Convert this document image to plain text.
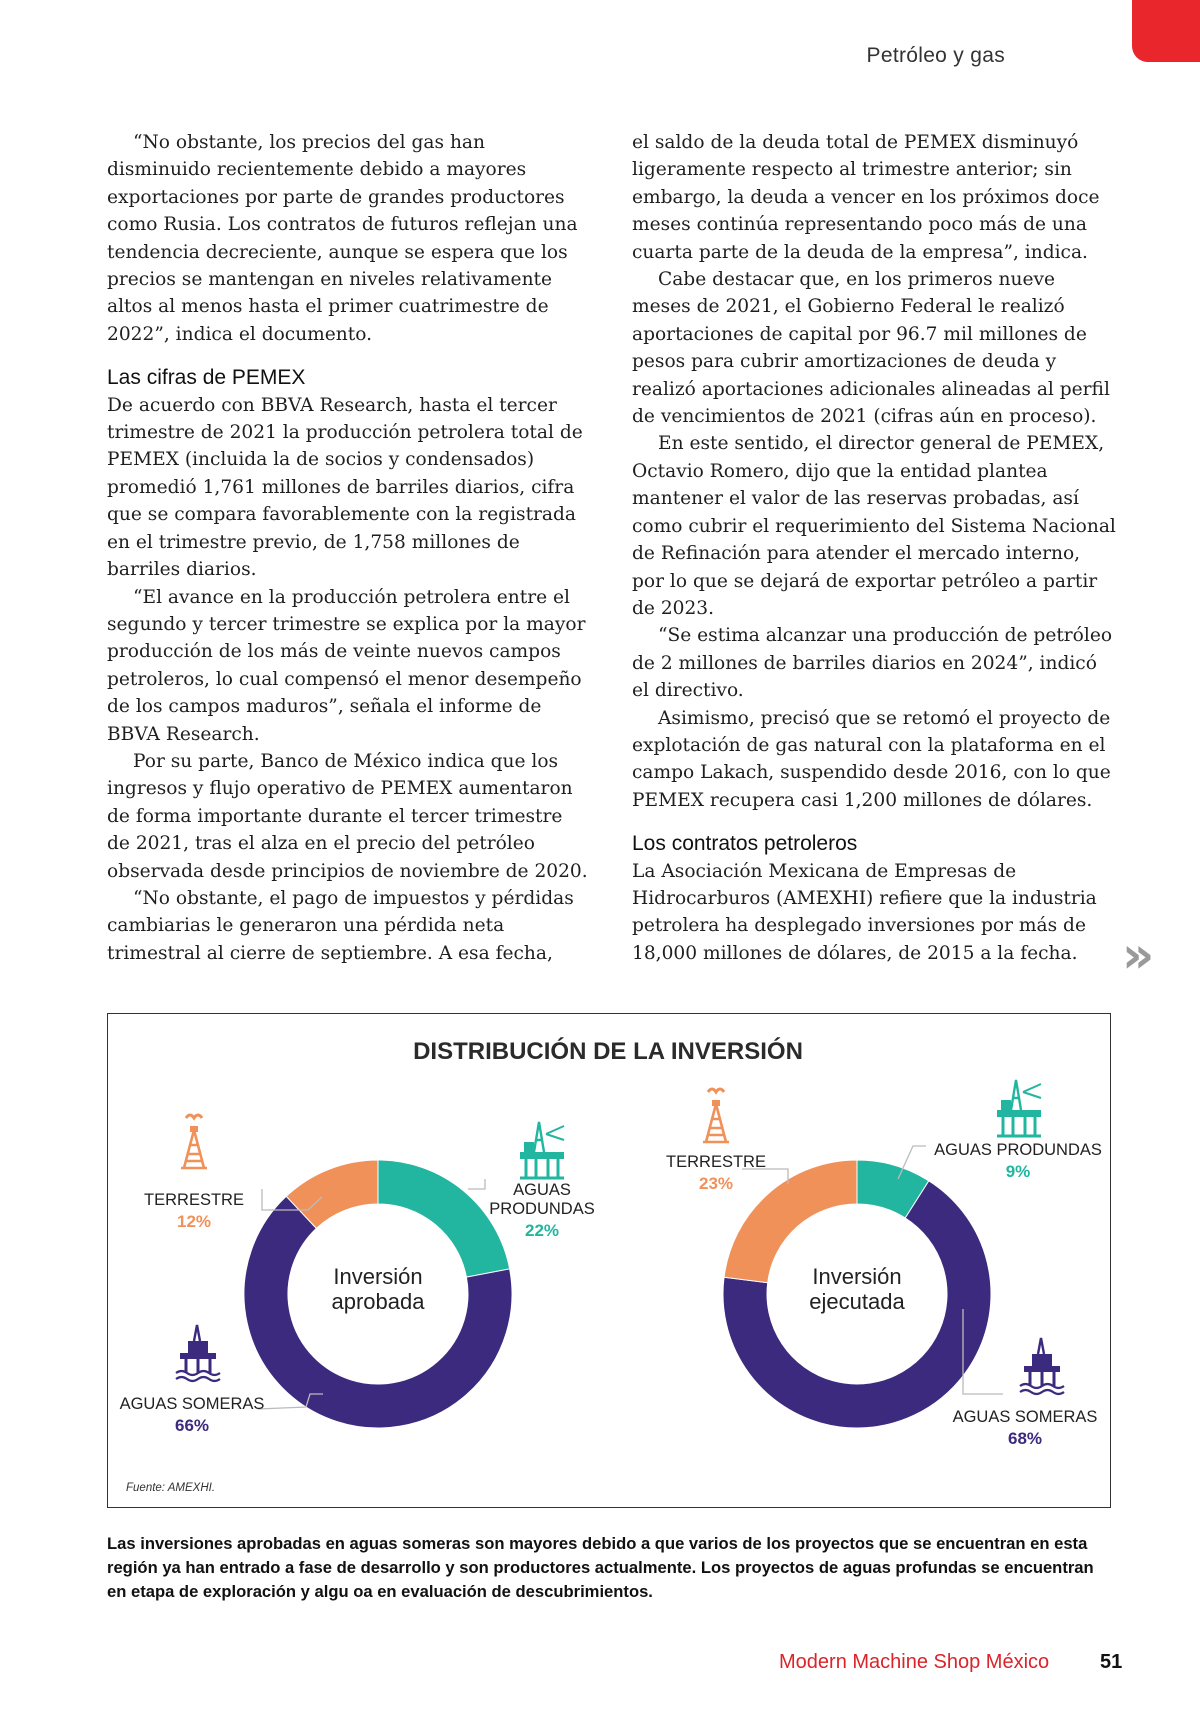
Petróleo y gas

“No obstante, los precios del gas han disminuido recientemente debido a mayores exportaciones por parte de grandes productores como Rusia. Los contratos de futuros reflejan una tendencia decreciente, aunque se espera que los precios se mantengan en niveles relativamente altos al menos hasta el primer cuatrimestre de 2022”, indica el documento.

Las cifras de PEMEX

De acuerdo con BBVA Research, hasta el tercer trimestre de 2021 la producción petrolera total de PEMEX (incluida la de socios y condensados) promedió 1,761 millones de barriles diarios, cifra que se compara favorablemente con la registrada en el trimestre previo, de 1,758 millones de barriles diarios.

“El avance en la producción petrolera entre el segundo y tercer trimestre se explica por la mayor producción de los más de veinte nuevos campos petroleros, lo cual compensó el menor desempeño de los campos maduros”, señala el informe de BBVA Research.

Por su parte, Banco de México indica que los ingresos y flujo operativo de PEMEX aumentaron de forma importante durante el tercer trimestre de 2021, tras el alza en el precio del petróleo observada desde principios de noviembre de 2020.

“No obstante, el pago de impuestos y pérdidas cambiarias le generaron una pérdida neta trimestral al cierre de septiembre. A esa fecha,

el saldo de la deuda total de PEMEX disminuyó ligeramente respecto al trimestre anterior; sin embargo, la deuda a vencer en los próximos doce meses continúa representando poco más de una cuarta parte de la deuda de la empresa”, indica.

Cabe destacar que, en los primeros nueve meses de 2021, el Gobierno Federal le realizó aportaciones de capital por 96.7 mil millones de pesos para cubrir amortizaciones de deuda y realizó aportaciones adicionales alineadas al perfil de vencimientos de 2021 (cifras aún en proceso).

En este sentido, el director general de PEMEX, Octavio Romero, dijo que la entidad plantea mantener el valor de las reservas probadas, así como cubrir el requerimiento del Sistema Nacional de Refinación para atender el mercado interno, por lo que se dejará de exportar petróleo a partir de 2023.

“Se estima alcanzar una producción de petróleo de 2 millones de barriles diarios en 2024”, indicó el directivo.

Asimismo, precisó que se retomó el proyecto de explotación de gas natural con la plataforma en el campo Lakach, suspendido desde 2016, con lo que PEMEX recupera casi 1,200 millones de dólares.

Los contratos petroleros

La Asociación Mexicana de Empresas de Hidrocarburos (AMEXHI) refiere que la industria petrolera ha desplegado inversiones por más de 18,000 millones de dólares, de 2015 a la fecha. »
DISTRIBUCIÓN DE LA INVERSIÓN
Inversión
aprobada
TERRESTRE
12%
AGUAS
PRODUNDAS
22%
AGUAS SOMERAS
66%
Inversión
ejecutada
TERRESTRE
23%
AGUAS PRODUNDAS
9%
AGUAS SOMERAS
68%
Fuente: AMEXHI.
Las inversiones aprobadas en aguas someras son mayores debido a que varios de los proyectos que se encuentran en esta región ya han entrado a fase de desarrollo y son productores actualmente. Los proyectos de aguas profundas se encuentran en etapa de exploración y algu oa en evaluación de descubrimientos.
Modern Machine Shop México	51
